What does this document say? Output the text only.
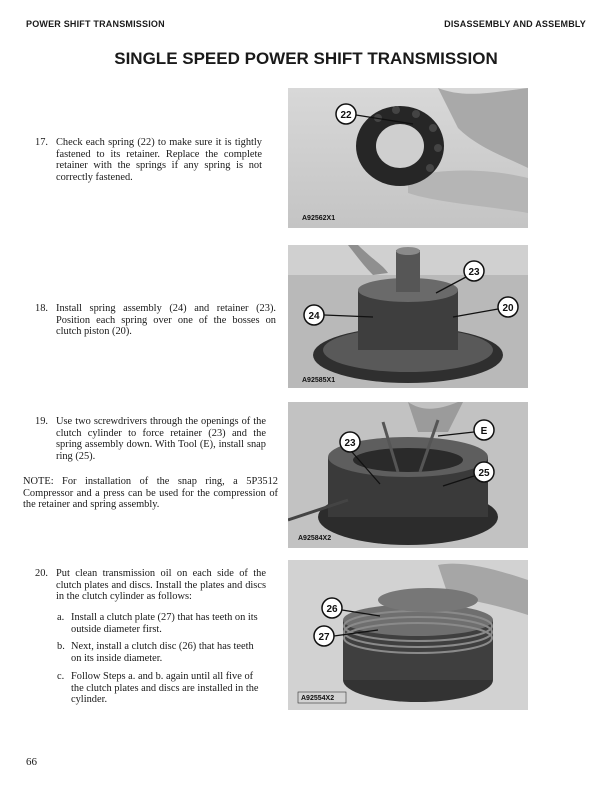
POWER SHIFT TRANSMISSION	DISASSEMBLY AND ASSEMBLY
SINGLE SPEED POWER SHIFT TRANSMISSION
17. Check each spring (22) to make sure it is tightly fastened to its retainer. Replace the complete retainer with the springs if any spring is not correctly fastened.
18. Install spring assembly (24) and retainer (23). Position each spring over one of the bosses on clutch piston (20).
19. Use two screwdrivers through the openings of the clutch cylinder to force retainer (23) and the spring assembly down. With Tool (E), install snap ring (25).
NOTE: For installation of the snap ring, a 5P3512 Compressor and a press can be used for the compression of the retainer and spring assembly.
20. Put clean transmission oil on each side of the clutch plates and discs. Install the plates and discs in the clutch cylinder as follows:
a. Install a clutch plate (27) that has teeth on its outside diameter first.
b. Next, install a clutch disc (26) that has teeth on its inside diameter.
c. Follow Steps a. and b. again until all five of the clutch plates and discs are installed in the cylinder.
22
A92562X1
23
24
20
A92585X1
E
23
25
A92584X2
26
27
A92554X2
66
